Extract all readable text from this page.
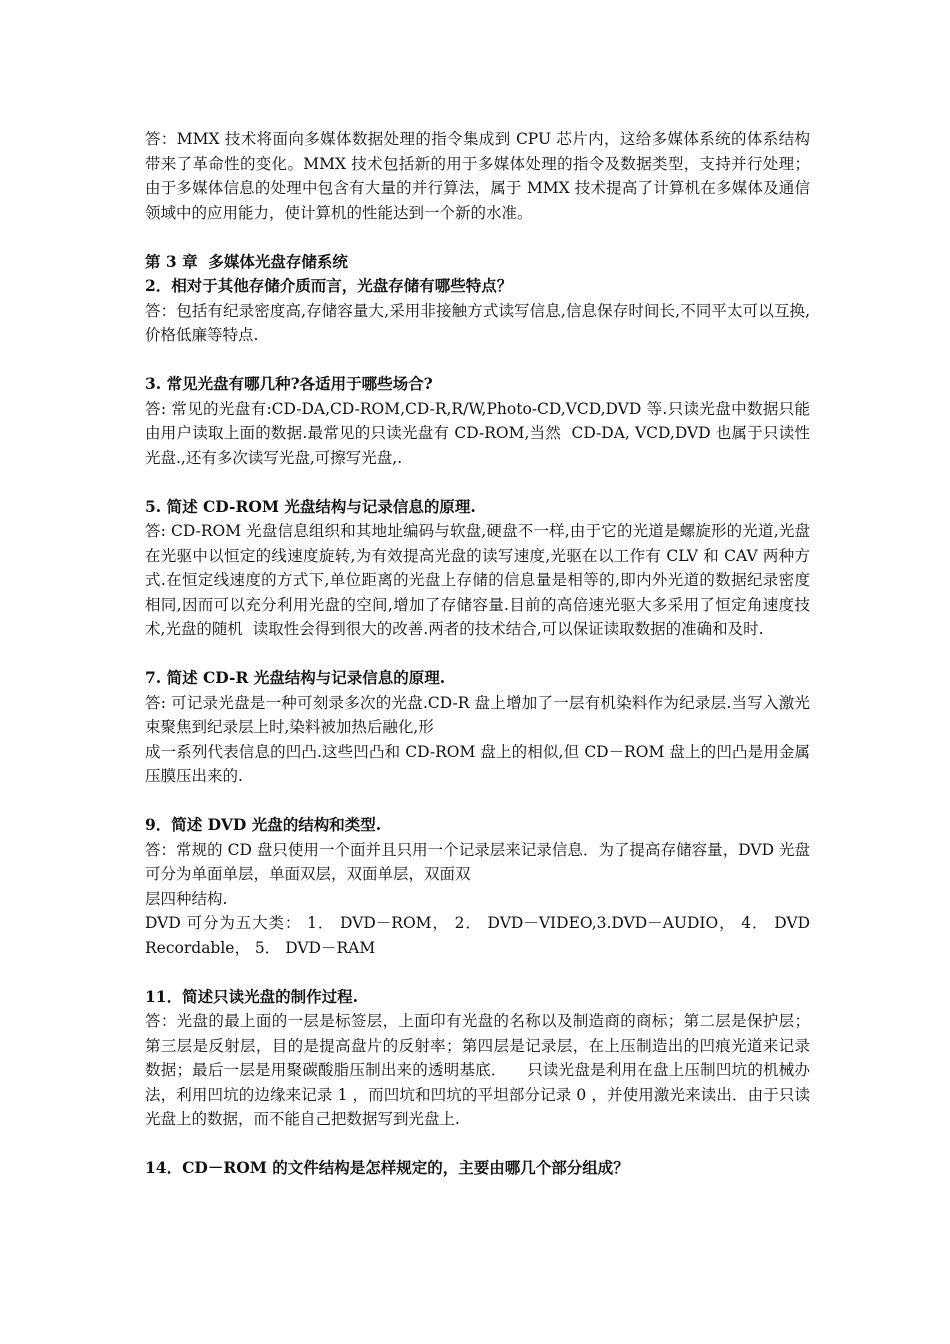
答：MMX 技术将面向多媒体数据处理的指令集成到 CPU 芯片内，这给多媒体系统的体系结构带来了革命性的变化。MMX 技术包括新的用于多媒体处理的指令及数据类型，支持并行处理；由于多媒体信息的处理中包含有大量的并行算法，属于 MMX 技术提高了计算机在多媒体及通信领域中的应用能力，使计算机的性能达到一个新的水准。

第 3 章  多媒体光盘存储系统

2．相对于其他存储介质而言，光盘存储有哪些特点？

答：包括有纪录密度高,存储容量大,采用非接触方式读写信息,信息保存时间长,不同平太可以互换,价格低廉等特点.

3. 常见光盘有哪几种?各适用于哪些场合?

答: 常见的光盘有:CD-DA,CD-ROM,CD-R,R/W,Photo-CD,VCD,DVD 等.只读光盘中数据只能由用户读取上面的数据.最常见的只读光盘有 CD-ROM,当然  CD-DA, VCD,DVD 也属于只读性光盘.,还有多次读写光盘,可擦写光盘,.

5. 简述 CD-ROM 光盘结构与记录信息的原理.

答: CD-ROM 光盘信息组织和其地址编码与软盘,硬盘不一样,由于它的光道是螺旋形的光道,光盘在光驱中以恒定的线速度旋转,为有效提高光盘的读写速度,光驱在以工作有 CLV 和 CAV 两种方式.在恒定线速度的方式下,单位距离的光盘上存储的信息量是相等的,即内外光道的数据纪录密度相同,因而可以充分利用光盘的空间,增加了存储容量.目前的高倍速光驱大多采用了恒定角速度技术,光盘的随机  读取性会得到很大的改善.两者的技术结合,可以保证读取数据的准确和及时.

7. 简述 CD-R 光盘结构与记录信息的原理.

答: 可记录光盘是一种可刻录多次的光盘.CD-R 盘上增加了一层有机染料作为纪录层.当写入激光束聚焦到纪录层上时,染料被加热后融化,形

成一系列代表信息的凹凸.这些凹凸和 CD-ROM 盘上的相似,但 CD－ROM 盘上的凹凸是用金属压膜压出来的.

9．简述 DVD 光盘的结构和类型.

答：常规的 CD 盘只使用一个面并且只用一个记录层来记录信息．为了提高存储容量，DVD 光盘可分为单面单层，单面双层，双面单层，双面双

层四种结构.

DVD 可分为五大类： 1． DVD－ROM， 2． DVD－VIDEO,3.DVD－AUDIO， 4． DVD Recordable， 5． DVD－RAM

11．简述只读光盘的制作过程.

答：光盘的最上面的一层是标签层，上面印有光盘的名称以及制造商的商标；第二层是保护层；第三层是反射层，目的是提高盘片的反射率；第四层是记录层，在上压制造出的凹痕光道来记录数据；最后一层是用聚碳酸脂压制出来的透明基底．    只读光盘是利用在盘上压制凹坑的机械办法，利用凹坑的边缘来记录 1 ，而凹坑和凹坑的平坦部分记录 0 ，并使用激光来读出．由于只读光盘上的数据，而不能自己把数据写到光盘上.

14．CD－ROM 的文件结构是怎样规定的，主要由哪几个部分组成？
